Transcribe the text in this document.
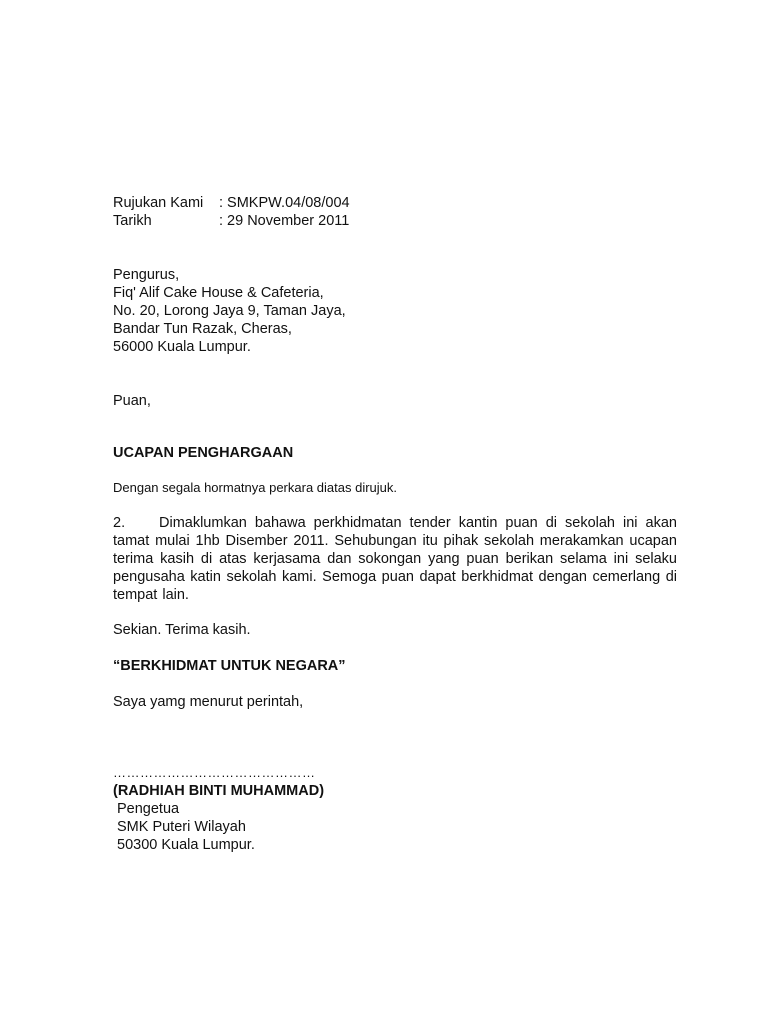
Rujukan Kami	: SMKPW.04/08/004
Tarikh	: 29 November 2011
Pengurus,
Fiq' Alif Cake House & Cafeteria,
No. 20, Lorong Jaya 9, Taman Jaya,
Bandar Tun Razak, Cheras,
56000 Kuala Lumpur.
Puan,
UCAPAN PENGHARGAAN
Dengan segala hormatnya perkara diatas dirujuk.
2. Dimaklumkan bahawa perkhidmatan tender kantin puan di sekolah ini akan tamat mulai 1hb Disember 2011. Sehubungan itu pihak sekolah merakamkan ucapan terima kasih di atas kerjasama dan sokongan yang puan berikan selama ini selaku pengusaha katin sekolah kami. Semoga puan dapat berkhidmat dengan cemerlang di tempat lain.
Sekian. Terima kasih.
“BERKHIDMAT UNTUK NEGARA”
Saya yamg menurut perintah,
………………………………………
(RADHIAH BINTI MUHAMMAD)
Pengetua
SMK Puteri Wilayah
50300 Kuala Lumpur.
